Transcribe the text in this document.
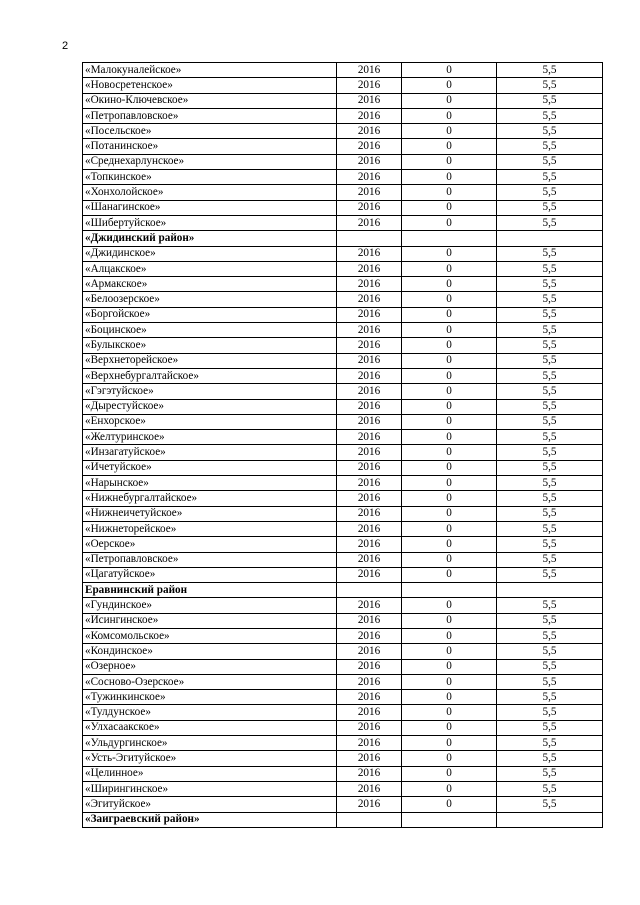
2
«Малокуналейское»	2016	0	5,5
«Новосретенское»	2016	0	5,5
«Окино-Ключевское»	2016	0	5,5
«Петропавловское»	2016	0	5,5
«Посельское»	2016	0	5,5
«Потанинское»	2016	0	5,5
«Среднехарлунское»	2016	0	5,5
«Топкинское»	2016	0	5,5
«Хонхолойское»	2016	0	5,5
«Шанагинское»	2016	0	5,5
«Шибертуйское»	2016	0	5,5
«Джидинский район»			
«Джидинское»	2016	0	5,5
«Алцакское»	2016	0	5,5
«Армакское»	2016	0	5,5
«Белоозерское»	2016	0	5,5
«Боргойское»	2016	0	5,5
«Боцинское»	2016	0	5,5
«Булыкское»	2016	0	5,5
«Верхнеторейское»	2016	0	5,5
«Верхнебургалтайское»	2016	0	5,5
«Гэгэтуйское»	2016	0	5,5
«Дырестуйское»	2016	0	5,5
«Енхорское»	2016	0	5,5
«Желтуринское»	2016	0	5,5
«Инзагатуйское»	2016	0	5,5
«Ичетуйское»	2016	0	5,5
«Нарынское»	2016	0	5,5
«Нижнебургалтайское»	2016	0	5,5
«Нижнеичетуйское»	2016	0	5,5
«Нижнеторейское»	2016	0	5,5
«Оерское»	2016	0	5,5
«Петропавловское»	2016	0	5,5
«Цагатуйское»	2016	0	5,5
Еравнинский район			
«Гундинское»	2016	0	5,5
«Исингинское»	2016	0	5,5
«Комсомольское»	2016	0	5,5
«Кондинское»	2016	0	5,5
«Озерное»	2016	0	5,5
«Сосново-Озерское»	2016	0	5,5
«Тужинкинское»	2016	0	5,5
«Тулдунское»	2016	0	5,5
«Улхасаакское»	2016	0	5,5
«Ульдургинское»	2016	0	5,5
«Усть-Эгитуйское»	2016	0	5,5
«Целинное»	2016	0	5,5
«Ширингинское»	2016	0	5,5
«Эгитуйское»	2016	0	5,5
«Заиграевский район»			
